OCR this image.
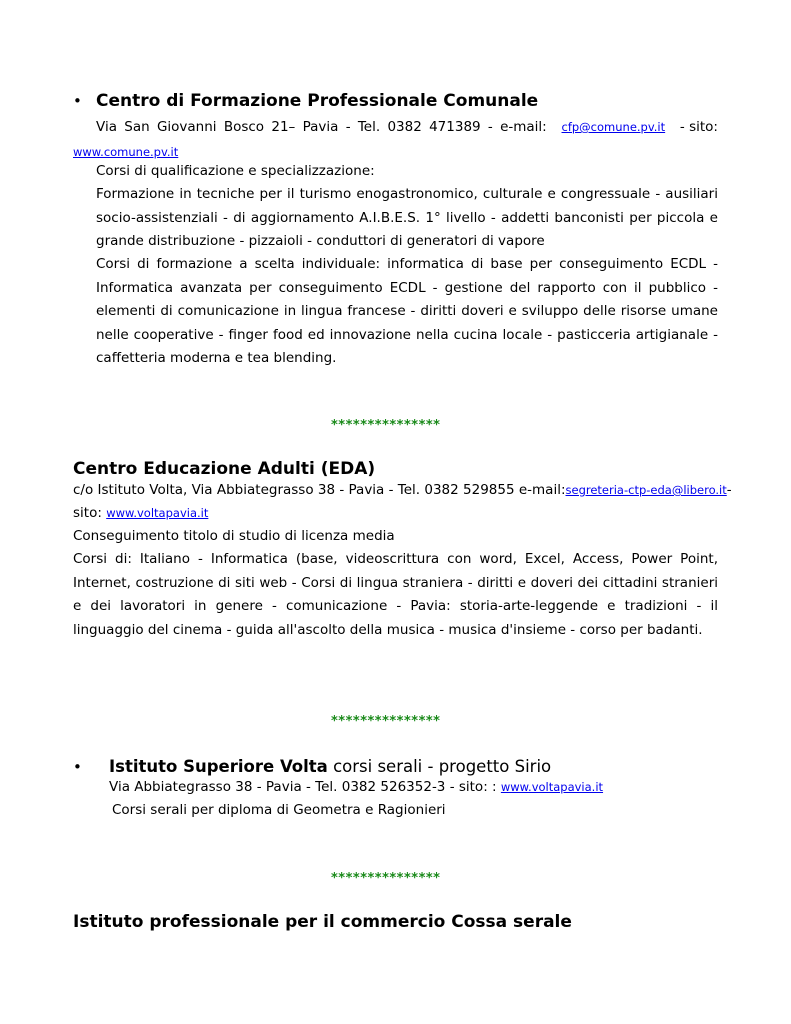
• Centro di Formazione Professionale Comunale
Via San Giovanni Bosco 21– Pavia - Tel. 0382 471389 - e-mail: cfp@comune.pv.it - sito:
www.comune.pv.it
Corsi di qualificazione e specializzazione:
Formazione in tecniche per il turismo enogastronomico, culturale e congressuale - ausiliari socio-assistenziali - di aggiornamento A.I.B.E.S. 1° livello - addetti banconisti per piccola e grande distribuzione - pizzaioli - conduttori di generatori di vapore
Corsi di formazione a scelta individuale: informatica di base per conseguimento ECDL - Informatica avanzata per conseguimento ECDL - gestione del rapporto con il pubblico - elementi di comunicazione in lingua francese - diritti doveri e sviluppo delle risorse umane nelle cooperative - finger food ed innovazione nella cucina locale - pasticceria artigianale - caffetteria moderna e tea blending.
***************
Centro Educazione Adulti (EDA)
c/o Istituto Volta, Via Abbiategrasso 38 - Pavia - Tel. 0382 529855 e-mail: segreteria-ctp-eda@libero.it -
sito: www.voltapavia.it
Conseguimento titolo di studio di licenza media
Corsi di: Italiano - Informatica (base, videoscrittura con word, Excel, Access, Power Point, Internet, costruzione di siti web - Corsi di lingua straniera - diritti e doveri dei cittadini stranieri e dei lavoratori in genere - comunicazione - Pavia: storia-arte-leggende e tradizioni - il linguaggio del cinema - guida all'ascolto della musica - musica d'insieme - corso per badanti.
***************
• Istituto Superiore Volta corsi serali - progetto Sirio
Via Abbiategrasso 38 - Pavia - Tel. 0382 526352-3 - sito: : www.voltapavia.it
Corsi serali per diploma di Geometra e Ragionieri
***************
Istituto professionale per il commercio Cossa serale
